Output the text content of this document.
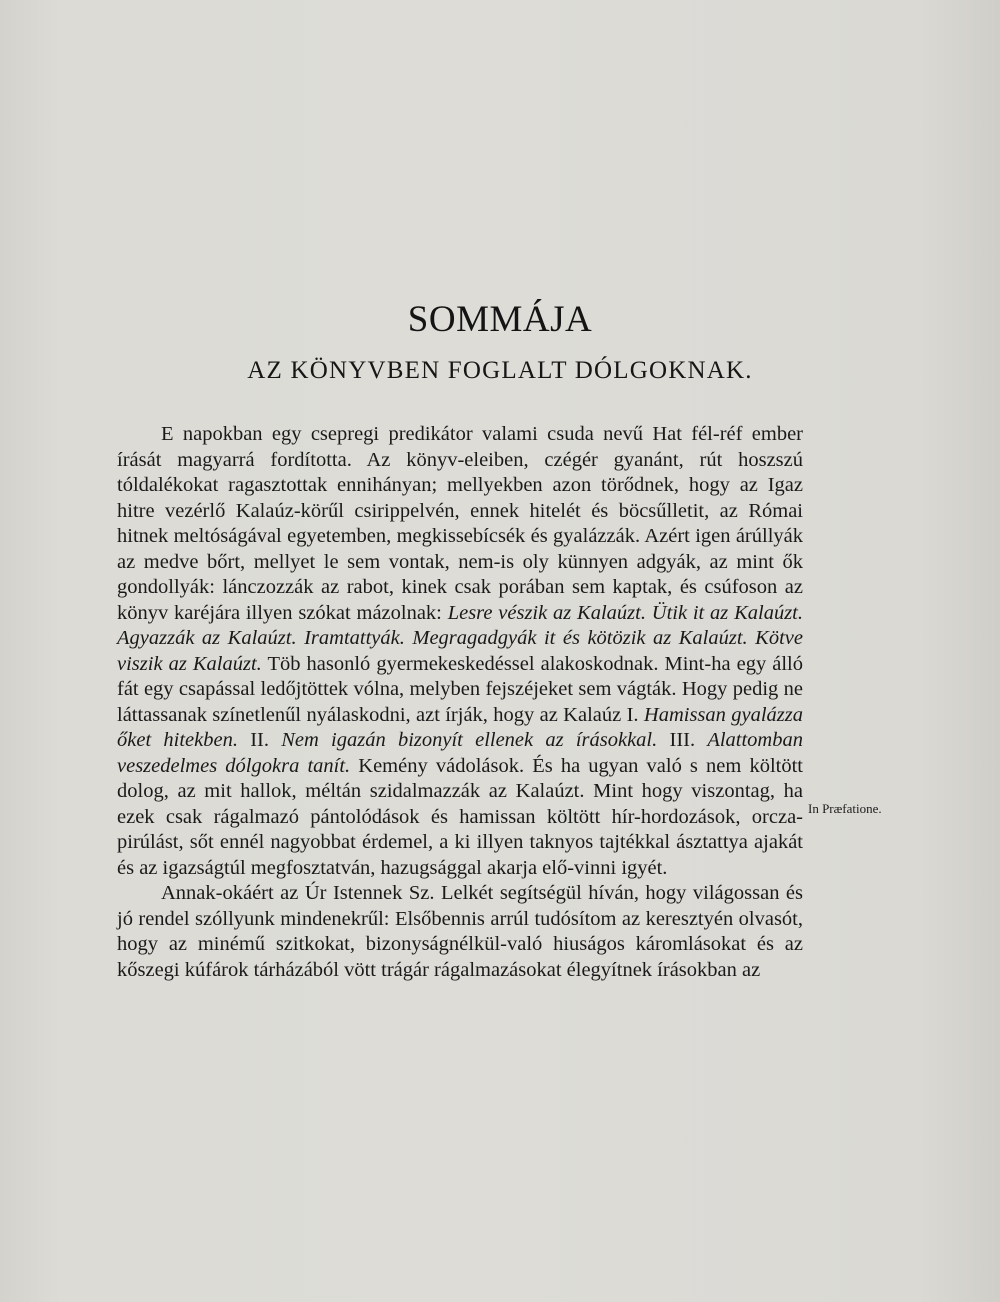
SOMMÁJA
AZ KÖNYVBEN FOGLALT DÓLGOKNAK.

E napokban egy csepregi predikátor valami csuda nevű Hat fél-réf ember írását magyarrá fordította. Az könyv-eleiben, czégér gyanánt, rút hoszszú tóldalékokat ragasztottak ennihányan; mellyekben azon törődnek, hogy az Igaz hitre vezérlő Kalaúz-körűl csirippelvén, ennek hitelét és böcsűlletit, az Római hitnek meltóságával egyetemben, megkissebícsék és gyalázzák. Azért igen árúllyák az medve bőrt, mellyet le sem vontak, nem-is oly künnyen adgyák, az mint ők gondollyák: lánczozzák az rabot, kinek csak porában sem kaptak, és csúfoson az könyv karéjára illyen szókat mázolnak: Lesre vészik az Kalaúzt. Ütik it az Kalaúzt. Agyazzák az Kalaúzt. Iramtattyák. Megragadgyák it és kötözik az Kalaúzt. Kötve viszik az Kalaúzt. Töb hasonló gyermekeskedéssel alakoskodnak. Mint-ha egy álló fát egy csapással ledőjtöttek vólna, melyben fejszéjeket sem vágták. Hogy pedig ne láttassanak színetlenűl nyálaskodni, azt írják, hogy az Kalaúz I. Hamissan gyalázza őket hitekben. II. Nem igazán bizonyít ellenek az írásokkal. III. Alattomban veszedelmes dólgokra tanít. Kemény vádolások. És ha ugyan való s nem költött dolog, az mit hallok, méltán szidalmazzák az Kalaúzt. Mint hogy viszontag, ha ezek csak rágalmazó pántolódások és hamissan költött hír-hordozások, orczapirúlást, sőt ennél nagyobbat érdemel, a ki illyen taknyos tajtékkal ásztattya ajakát és az igazságtúl megfosztatván, hazugsággal akarja elő-vinni igyét.

Annak-okáért az Úr Istennek Sz. Lelkét segítségül híván, hogy világossan és jó rendel szóllyunk mindenekrűl: Elsőbennis arrúl tudósítom az keresztyén olvasót, hogy az minémű szitkokat, bizonyságnélkül-való hiuságos káromlásokat és az kőszegi kúfárok tárházából vött trágár rágalmazásokat élegyítnek írásokban az

In Præfatione.
